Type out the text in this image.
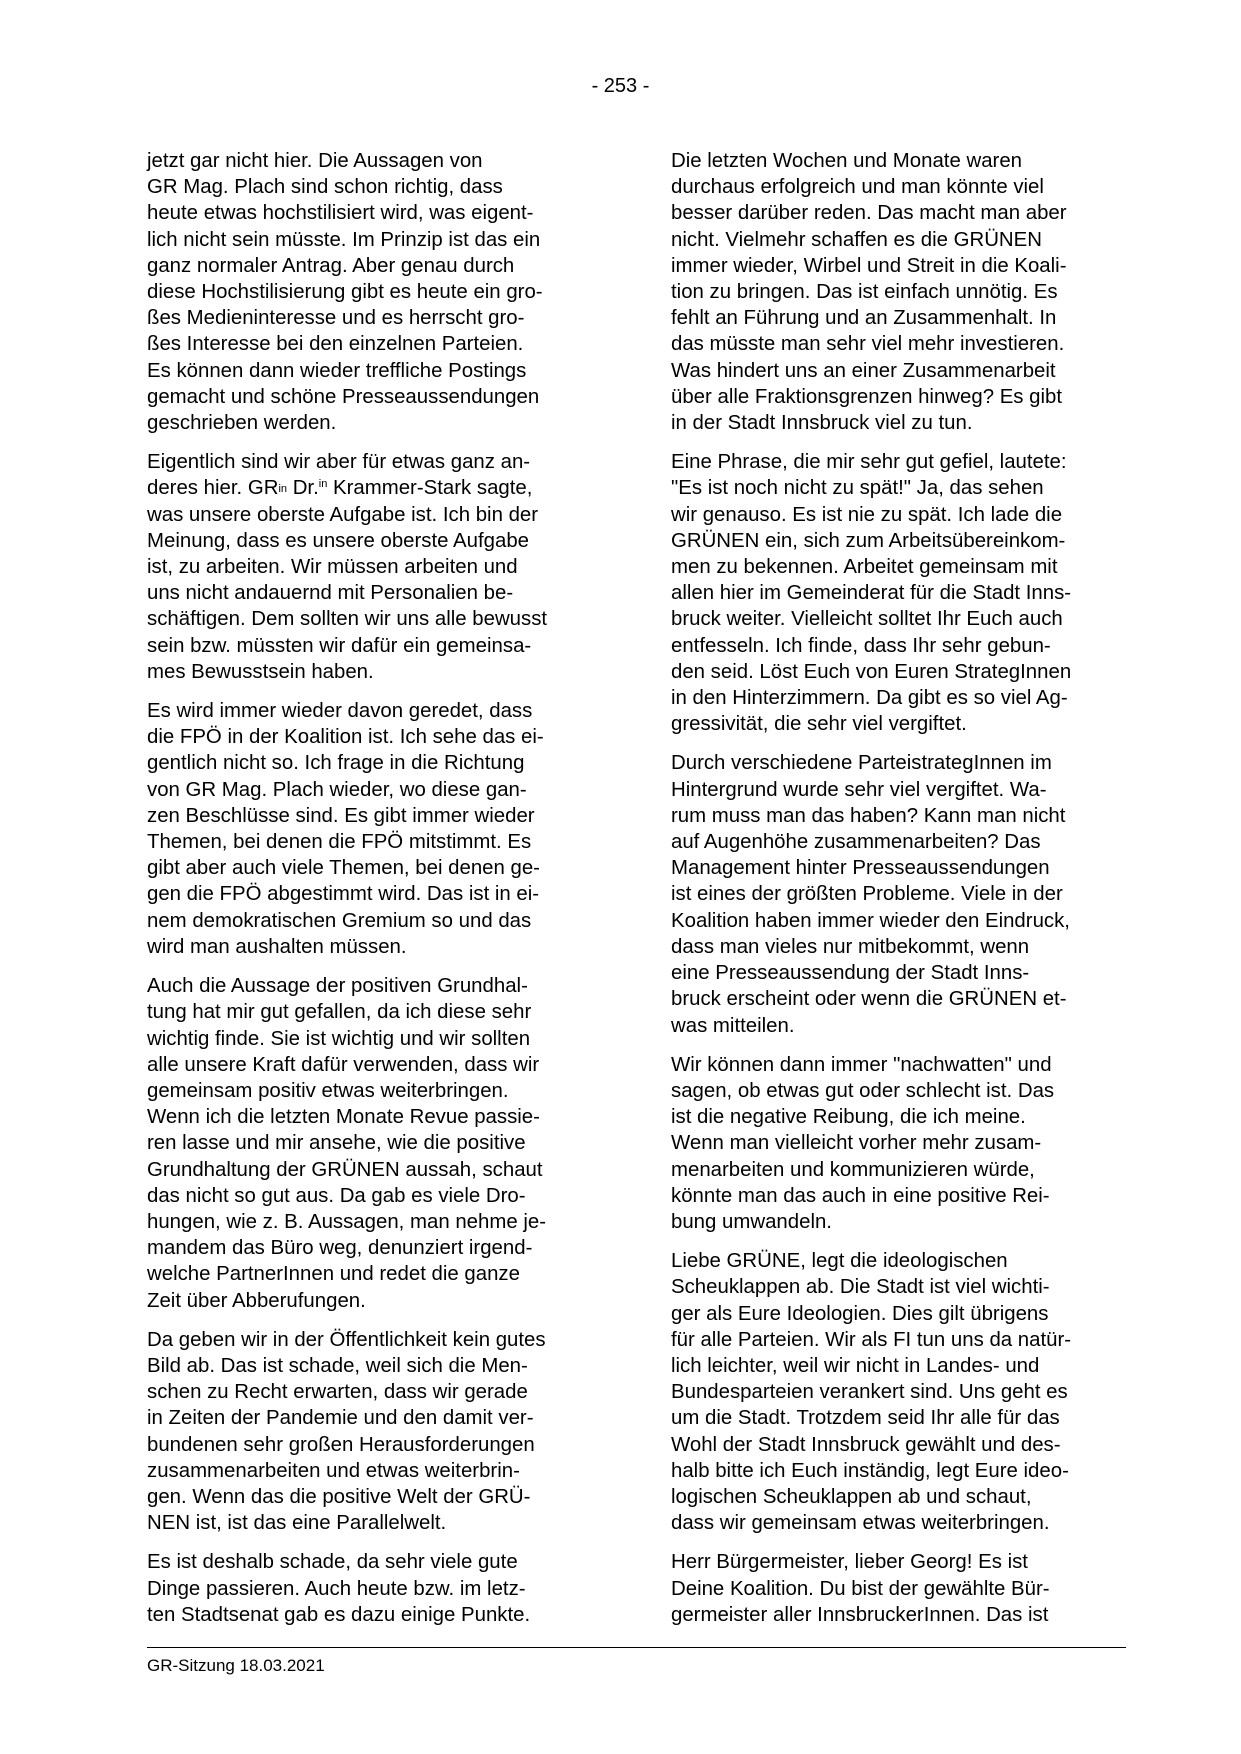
- 253 -

jetzt gar nicht hier. Die Aussagen von
GR Mag. Plach sind schon richtig, dass
heute etwas hochstilisiert wird, was eigent-
lich nicht sein müsste. Im Prinzip ist das ein
ganz normaler Antrag. Aber genau durch
diese Hochstilisierung gibt es heute ein gro-
ßes Medieninteresse und es herrscht gro-
ßes Interesse bei den einzelnen Parteien.
Es können dann wieder treffliche Postings
gemacht und schöne Presseaussendungen
geschrieben werden.

Eigentlich sind wir aber für etwas ganz an-
deres hier. $GR^{in}$ Dr.$^{in}$ Krammer-Stark sagte,
was unsere oberste Aufgabe ist. Ich bin der
Meinung, dass es unsere oberste Aufgabe
ist, zu arbeiten. Wir müssen arbeiten und
uns nicht andauernd mit Personalien be-
schäftigen. Dem sollten wir uns alle bewusst
sein bzw. müssten wir dafür ein gemeinsa-
mes Bewusstsein haben.

Es wird immer wieder davon geredet, dass
die FPÖ in der Koalition ist. Ich sehe das ei-
gentlich nicht so. Ich frage in die Richtung
von GR Mag. Plach wieder, wo diese gan-
zen Beschlüsse sind. Es gibt immer wieder
Themen, bei denen die FPÖ mitstimmt. Es
gibt aber auch viele Themen, bei denen ge-
gen die FPÖ abgestimmt wird. Das ist in ei-
nem demokratischen Gremium so und das
wird man aushalten müssen.

Auch die Aussage der positiven Grundhal-
tung hat mir gut gefallen, da ich diese sehr
wichtig finde. Sie ist wichtig und wir sollten
alle unsere Kraft dafür verwenden, dass wir
gemeinsam positiv etwas weiterbringen.
Wenn ich die letzten Monate Revue passie-
ren lasse und mir ansehe, wie die positive
Grundhaltung der GRÜNEN aussah, schaut
das nicht so gut aus. Da gab es viele Dro-
hungen, wie z. B. Aussagen, man nehme je-
mandem das Büro weg, denunziert irgend-
welche PartnerInnen und redet die ganze
Zeit über Abberufungen.

Da geben wir in der Öffentlichkeit kein gutes
Bild ab. Das ist schade, weil sich die Men-
schen zu Recht erwarten, dass wir gerade
in Zeiten der Pandemie und den damit ver-
bundenen sehr großen Herausforderungen
zusammenarbeiten und etwas weiterbrin-
gen. Wenn das die positive Welt der GRÜ-
NEN ist, ist das eine Parallelwelt.

Es ist deshalb schade, da sehr viele gute
Dinge passieren. Auch heute bzw. im letz-
ten Stadtsenat gab es dazu einige Punkte.

Die letzten Wochen und Monate waren
durchaus erfolgreich und man könnte viel
besser darüber reden. Das macht man aber
nicht. Vielmehr schaffen es die GRÜNEN
immer wieder, Wirbel und Streit in die Koali-
tion zu bringen. Das ist einfach unnötig. Es
fehlt an Führung und an Zusammenhalt. In
das müsste man sehr viel mehr investieren.
Was hindert uns an einer Zusammenarbeit
über alle Fraktionsgrenzen hinweg? Es gibt
in der Stadt Innsbruck viel zu tun.

Eine Phrase, die mir sehr gut gefiel, lautete:
"Es ist noch nicht zu spät!" Ja, das sehen
wir genauso. Es ist nie zu spät. Ich lade die
GRÜNEN ein, sich zum Arbeitsübereinkom-
men zu bekennen. Arbeitet gemeinsam mit
allen hier im Gemeinderat für die Stadt Inns-
bruck weiter. Vielleicht solltet Ihr Euch auch
entfesseln. Ich finde, dass Ihr sehr gebun-
den seid. Löst Euch von Euren StrategInnen
in den Hinterzimmern. Da gibt es so viel Ag-
gressivität, die sehr viel vergiftet.

Durch verschiedene ParteistrategInnen im
Hintergrund wurde sehr viel vergiftet. Wa-
rum muss man das haben? Kann man nicht
auf Augenhöhe zusammenarbeiten? Das
Management hinter Presseaussendungen
ist eines der größten Probleme. Viele in der
Koalition haben immer wieder den Eindruck,
dass man vieles nur mitbekommt, wenn
eine Presseaussendung der Stadt Inns-
bruck erscheint oder wenn die GRÜNEN et-
was mitteilen.

Wir können dann immer "nachwatten" und
sagen, ob etwas gut oder schlecht ist. Das
ist die negative Reibung, die ich meine.
Wenn man vielleicht vorher mehr zusam-
menarbeiten und kommunizieren würde,
könnte man das auch in eine positive Rei-
bung umwandeln.

Liebe GRÜNE, legt die ideologischen
Scheuklappen ab. Die Stadt ist viel wichti-
ger als Eure Ideologien. Dies gilt übrigens
für alle Parteien. Wir als FI tun uns da natür-
lich leichter, weil wir nicht in Landes- und
Bundesparteien verankert sind. Uns geht es
um die Stadt. Trotzdem seid Ihr alle für das
Wohl der Stadt Innsbruck gewählt und des-
halb bitte ich Euch inständig, legt Eure ideo-
logischen Scheuklappen ab und schaut,
dass wir gemeinsam etwas weiterbringen.

Herr Bürgermeister, lieber Georg! Es ist
Deine Koalition. Du bist der gewählte Bür-
germeister aller InnsbruckerInnen. Das ist

GR-Sitzung 18.03.2021
